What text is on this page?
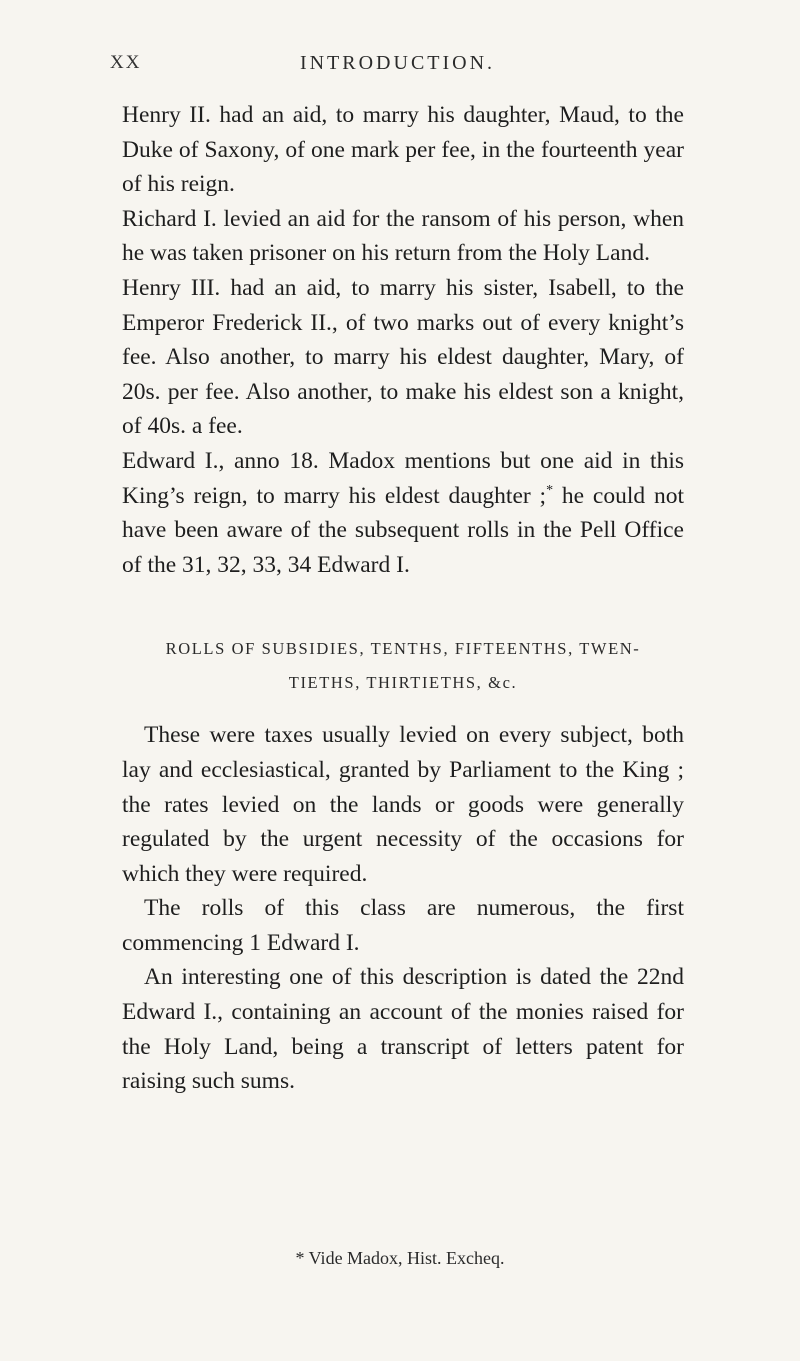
XX	INTRODUCTION.

Henry II. had an aid, to marry his daughter, Maud, to the Duke of Saxony, of one mark per fee, in the fourteenth year of his reign.

Richard I. levied an aid for the ransom of his person, when he was taken prisoner on his return from the Holy Land.

Henry III. had an aid, to marry his sister, Isabell, to the Emperor Frederick II., of two marks out of every knight’s fee. Also another, to marry his eldest daughter, Mary, of 20s. per fee. Also another, to make his eldest son a knight, of 40s. a fee.

Edward I., anno 18. Madox mentions but one aid in this King’s reign, to marry his eldest daughter ;* he could not have been aware of the subsequent rolls in the Pell Office of the 31, 32, 33, 34 Edward I.

ROLLS OF SUBSIDIES, TENTHS, FIFTEENTHS, TWEN-
TIETHS, THIRTIETHS, &c.

These were taxes usually levied on every subject, both lay and ecclesiastical, granted by Parliament to the King ; the rates levied on the lands or goods were generally regulated by the urgent necessity of the occasions for which they were required.

The rolls of this class are numerous, the first commencing 1 Edward I.

An interesting one of this description is dated the 22nd Edward I., containing an account of the monies raised for the Holy Land, being a transcript of letters patent for raising such sums.

* Vide Madox, Hist. Excheq.
